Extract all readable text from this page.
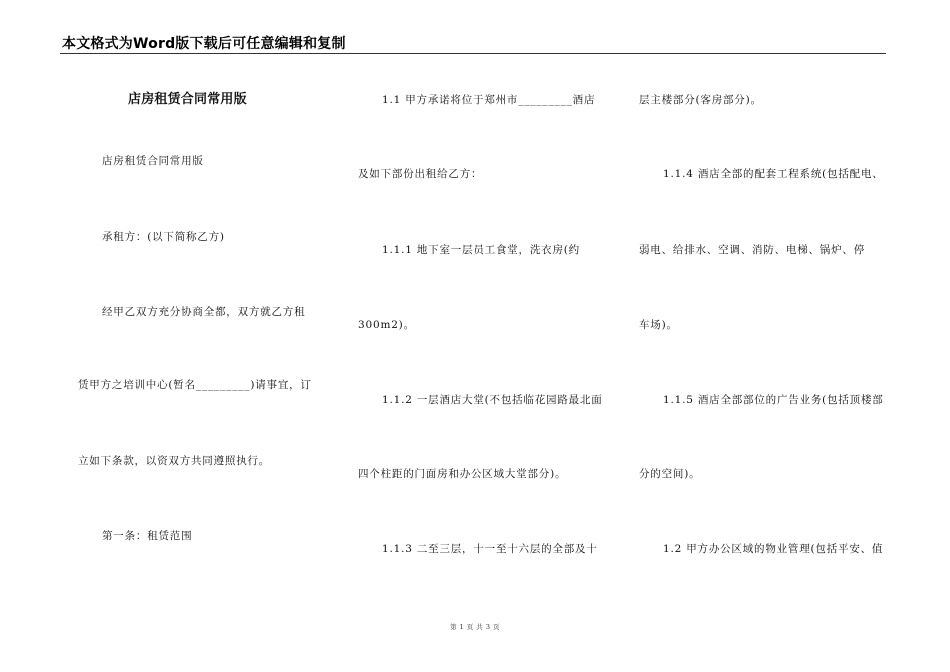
本文格式为Word版下载后可任意编辑和复制
店房租赁合同常用版
店房租赁合同常用版
承租方：(以下简称乙方)
经甲乙双方充分协商全都，双方就乙方租
赁甲方之培训中心(暂名_________)请事宜，订
立如下条款，以资双方共同遵照执行。
第一条：租赁范围
1.1 甲方承诺将位于郑州市_________酒店
及如下部份出租给乙方：
1.1.1 地下室一层员工食堂，洗衣房(约
300m2)。
1.1.2 一层酒店大堂(不包括临花园路最北面
四个柱距的门面房和办公区域大堂部分)。
1.1.3 二至三层，十一至十六层的全部及十
层主楼部分(客房部分)。
1.1.4 酒店全部的配套工程系统(包括配电、
弱电、给排水、空调、消防、电梯、锅炉、停
车场)。
1.1.5 酒店全部部位的广告业务(包括顶楼部
分的空间)。
1.2 甲方办公区域的物业管理(包括平安、值
第 1 页 共 3 页
